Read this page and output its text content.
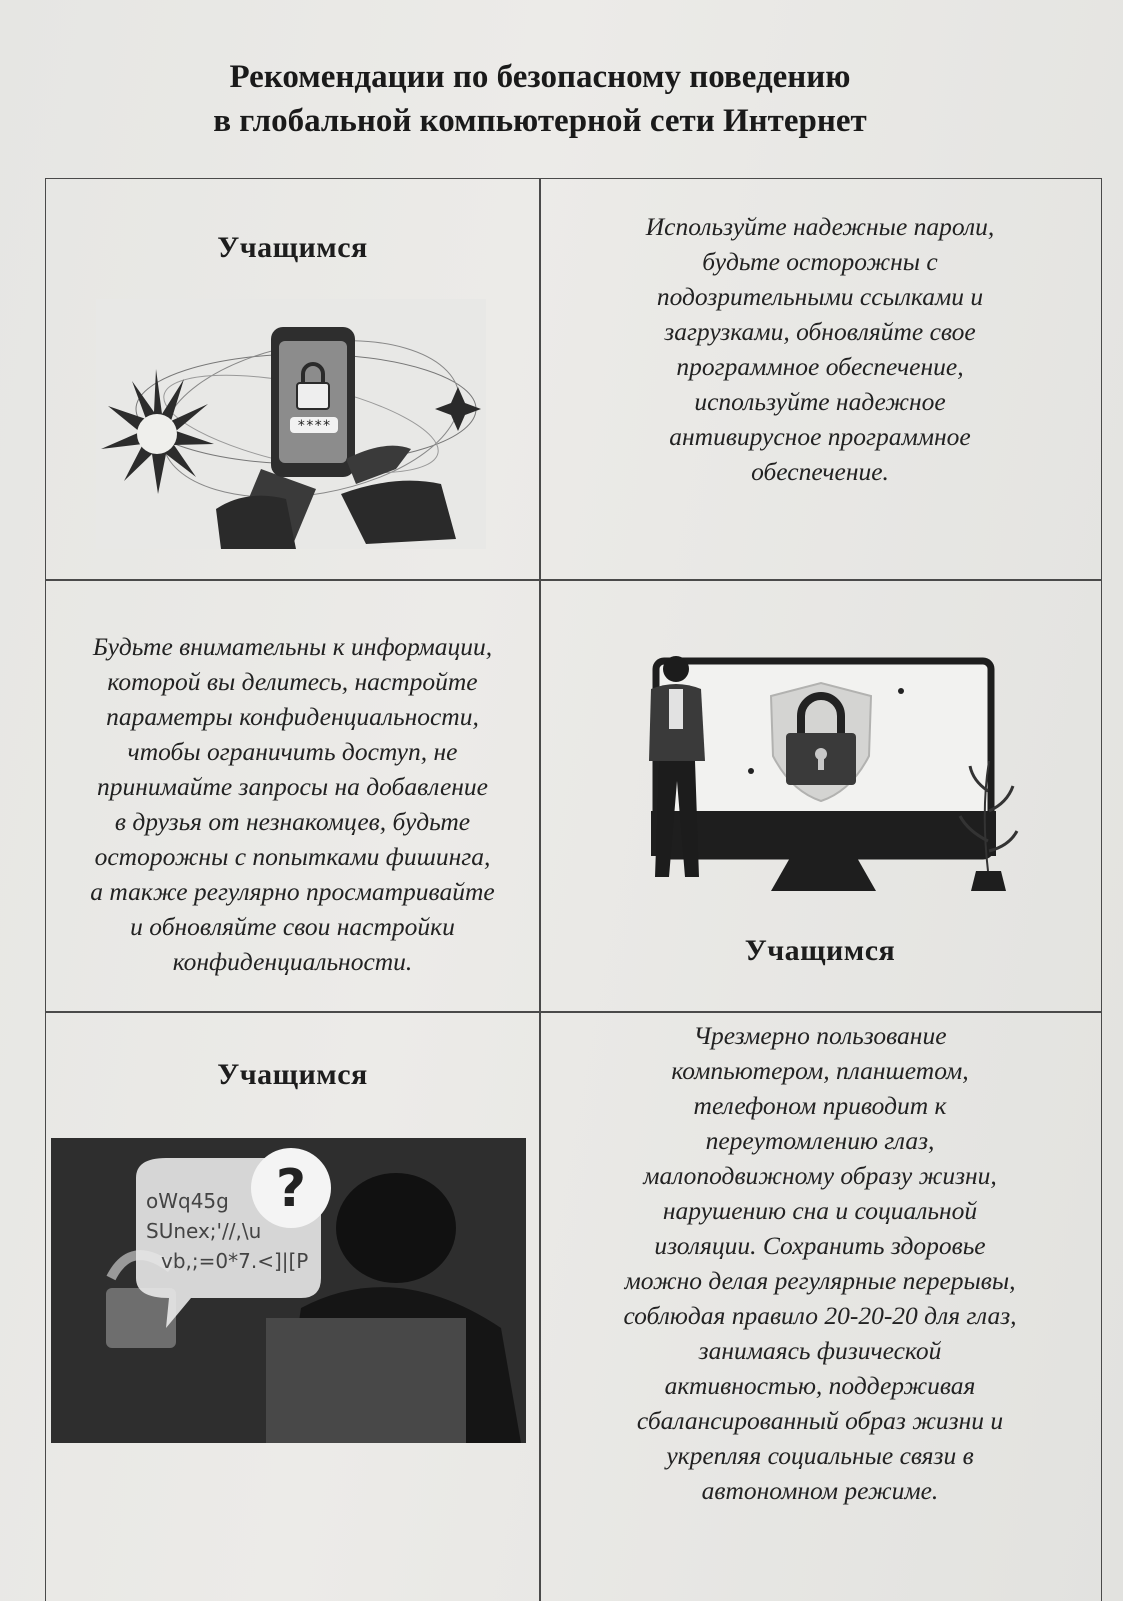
Рекомендации по безопасному поведению
в глобальной компьютерной сети Интернет
Учащимся
****
Используйте надежные пароли,
будьте осторожны с
подозрительными ссылками и
загрузками, обновляйте свое
программное обеспечение,
используйте надежное
антивирусное программное
обеспечение.
Будьте внимательны к информации,
которой вы делитесь, настройте
параметры конфиденциальности,
чтобы ограничить доступ, не
принимайте запросы на добавление
в друзья от незнакомцев, будьте
осторожны с попытками фишинга,
а также регулярно просматривайте
и обновляйте свои настройки
конфиденциальности.	Учащимся
Учащимся
oWq45g
SUnex;'//,\u
vb,;=0*7.<]|[P
?
Чрезмерно пользование
компьютером, планшетом,
телефоном приводит к
переутомлению глаз,
малоподвижному образу жизни,
нарушению сна и социальной
изоляции. Сохранить здоровье
можно делая регулярные перерывы,
соблюдая правило 20-20-20 для глаз,
занимаясь физической
активностью, поддерживая
сбалансированный образ жизни и
укрепляя социальные связи в
автономном режиме.
